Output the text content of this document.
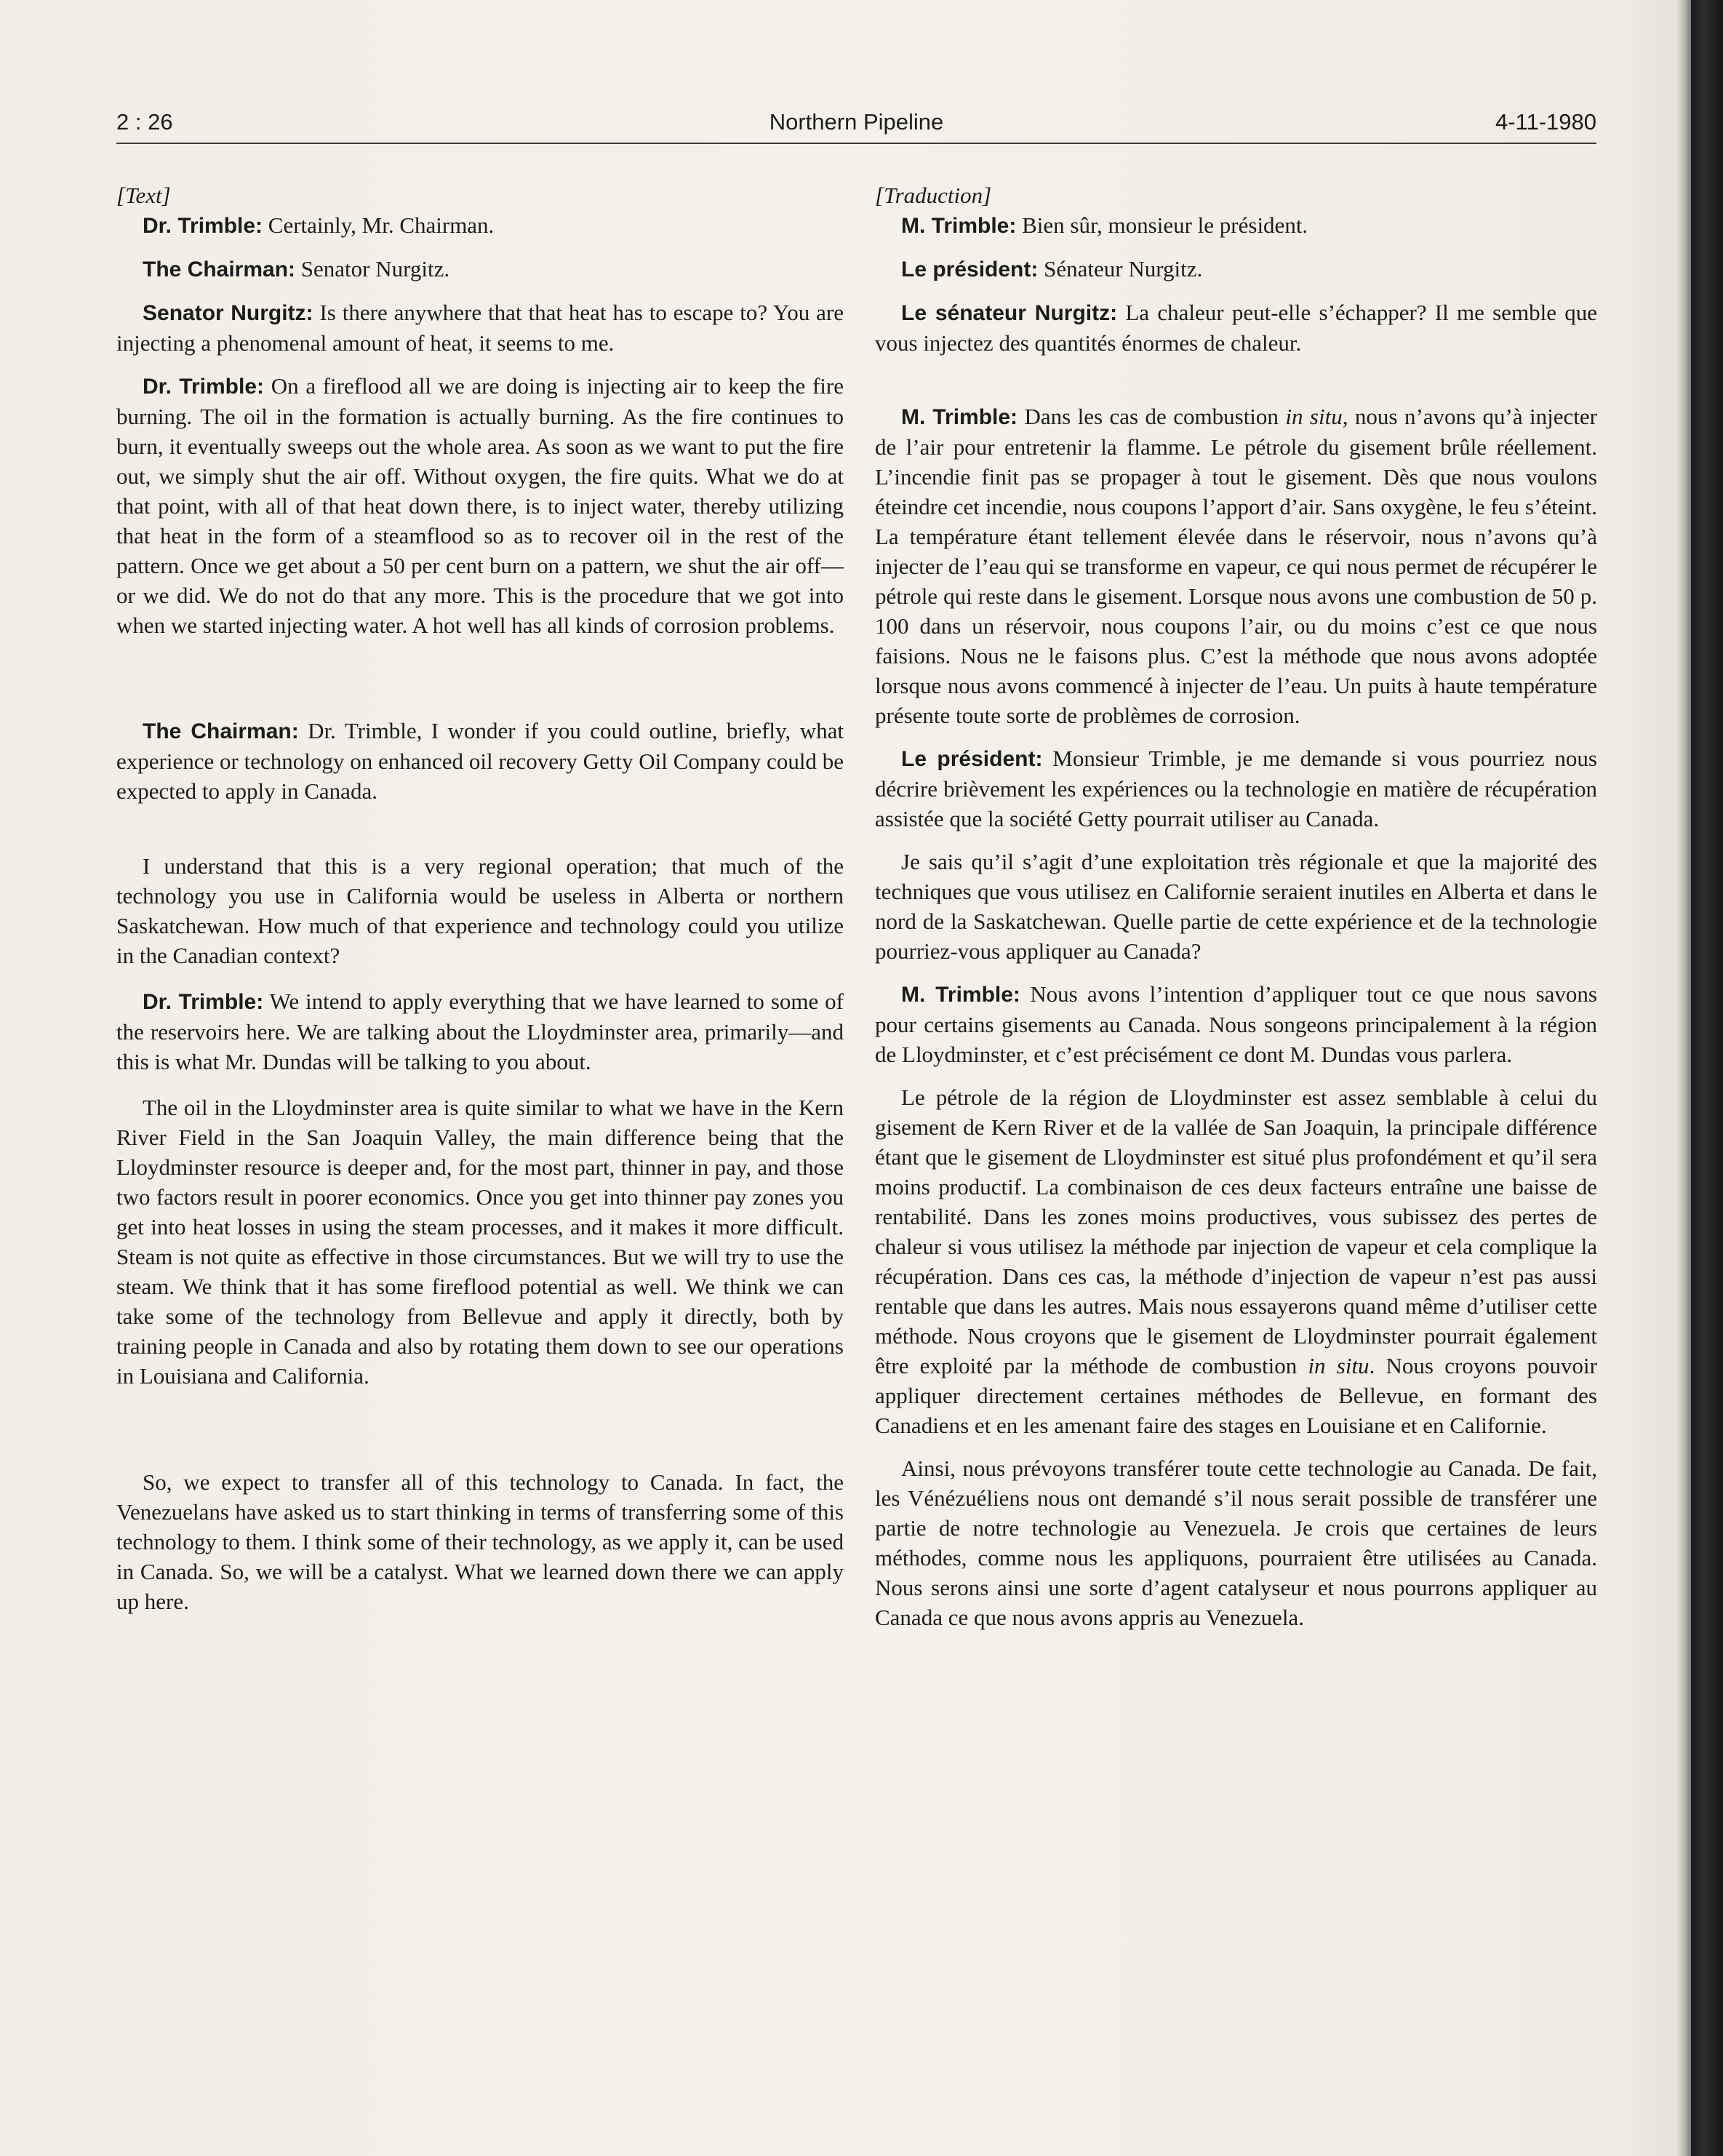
2 : 26	Northern Pipeline	4-11-1980

[Text]

Dr. Trimble: Certainly, Mr. Chairman.

The Chairman: Senator Nurgitz.

Senator Nurgitz: Is there anywhere that that heat has to escape to? You are injecting a phenomenal amount of heat, it seems to me.

Dr. Trimble: On a fireflood all we are doing is injecting air to keep the fire burning. The oil in the formation is actually burning. As the fire continues to burn, it eventually sweeps out the whole area. As soon as we want to put the fire out, we simply shut the air off. Without oxygen, the fire quits. What we do at that point, with all of that heat down there, is to inject water, thereby utilizing that heat in the form of a steamflood so as to recover oil in the rest of the pattern. Once we get about a 50 per cent burn on a pattern, we shut the air off—or we did. We do not do that any more. This is the procedure that we got into when we started injecting water. A hot well has all kinds of corrosion problems.

The Chairman: Dr. Trimble, I wonder if you could outline, briefly, what experience or technology on enhanced oil recovery Getty Oil Company could be expected to apply in Canada.

I understand that this is a very regional operation; that much of the technology you use in California would be useless in Alberta or northern Saskatchewan. How much of that experience and technology could you utilize in the Canadian context?

Dr. Trimble: We intend to apply everything that we have learned to some of the reservoirs here. We are talking about the Lloydminster area, primarily—and this is what Mr. Dundas will be talking to you about.

The oil in the Lloydminster area is quite similar to what we have in the Kern River Field in the San Joaquin Valley, the main difference being that the Lloydminster resource is deeper and, for the most part, thinner in pay, and those two factors result in poorer economics. Once you get into thinner pay zones you get into heat losses in using the steam processes, and it makes it more difficult. Steam is not quite as effective in those circumstances. But we will try to use the steam. We think that it has some fireflood potential as well. We think we can take some of the technology from Bellevue and apply it directly, both by training people in Canada and also by rotating them down to see our operations in Louisiana and California.

So, we expect to transfer all of this technology to Canada. In fact, the Venezuelans have asked us to start thinking in terms of transferring some of this technology to them. I think some of their technology, as we apply it, can be used in Canada. So, we will be a catalyst. What we learned down there we can apply up here.

[Traduction]

M. Trimble: Bien sûr, monsieur le président.

Le président: Sénateur Nurgitz.

Le sénateur Nurgitz: La chaleur peut-elle s’échapper? Il me semble que vous injectez des quantités énormes de chaleur.

M. Trimble: Dans les cas de combustion in situ, nous n’avons qu’à injecter de l’air pour entretenir la flamme. Le pétrole du gisement brûle réellement. L’incendie finit pas se propager à tout le gisement. Dès que nous voulons éteindre cet incendie, nous coupons l’apport d’air. Sans oxygène, le feu s’éteint. La température étant tellement élevée dans le réservoir, nous n’avons qu’à injecter de l’eau qui se transforme en vapeur, ce qui nous permet de récupérer le pétrole qui reste dans le gisement. Lorsque nous avons une combustion de 50 p. 100 dans un réservoir, nous coupons l’air, ou du moins c’est ce que nous faisions. Nous ne le faisons plus. C’est la méthode que nous avons adoptée lorsque nous avons commencé à injecter de l’eau. Un puits à haute température présente toute sorte de problèmes de corrosion.

Le président: Monsieur Trimble, je me demande si vous pourriez nous décrire brièvement les expériences ou la technologie en matière de récupération assistée que la société Getty pourrait utiliser au Canada.

Je sais qu’il s’agit d’une exploitation très régionale et que la majorité des techniques que vous utilisez en Californie seraient inutiles en Alberta et dans le nord de la Saskatchewan. Quelle partie de cette expérience et de la technologie pourriez-vous appliquer au Canada?

M. Trimble: Nous avons l’intention d’appliquer tout ce que nous savons pour certains gisements au Canada. Nous songeons principalement à la région de Lloydminster, et c’est précisément ce dont M. Dundas vous parlera.

Le pétrole de la région de Lloydminster est assez semblable à celui du gisement de Kern River et de la vallée de San Joaquin, la principale différence étant que le gisement de Lloydminster est situé plus profondément et qu’il sera moins productif. La combinaison de ces deux facteurs entraîne une baisse de rentabilité. Dans les zones moins productives, vous subissez des pertes de chaleur si vous utilisez la méthode par injection de vapeur et cela complique la récupération. Dans ces cas, la méthode d’injection de vapeur n’est pas aussi rentable que dans les autres. Mais nous essayerons quand même d’utiliser cette méthode. Nous croyons que le gisement de Lloydminster pourrait également être exploité par la méthode de combustion in situ. Nous croyons pouvoir appliquer directement certaines méthodes de Bellevue, en formant des Canadiens et en les amenant faire des stages en Louisiane et en Californie.

Ainsi, nous prévoyons transférer toute cette technologie au Canada. De fait, les Vénézuéliens nous ont demandé s’il nous serait possible de transférer une partie de notre technologie au Venezuela. Je crois que certaines de leurs méthodes, comme nous les appliquons, pourraient être utilisées au Canada. Nous serons ainsi une sorte d’agent catalyseur et nous pourrons appliquer au Canada ce que nous avons appris au Venezuela.
